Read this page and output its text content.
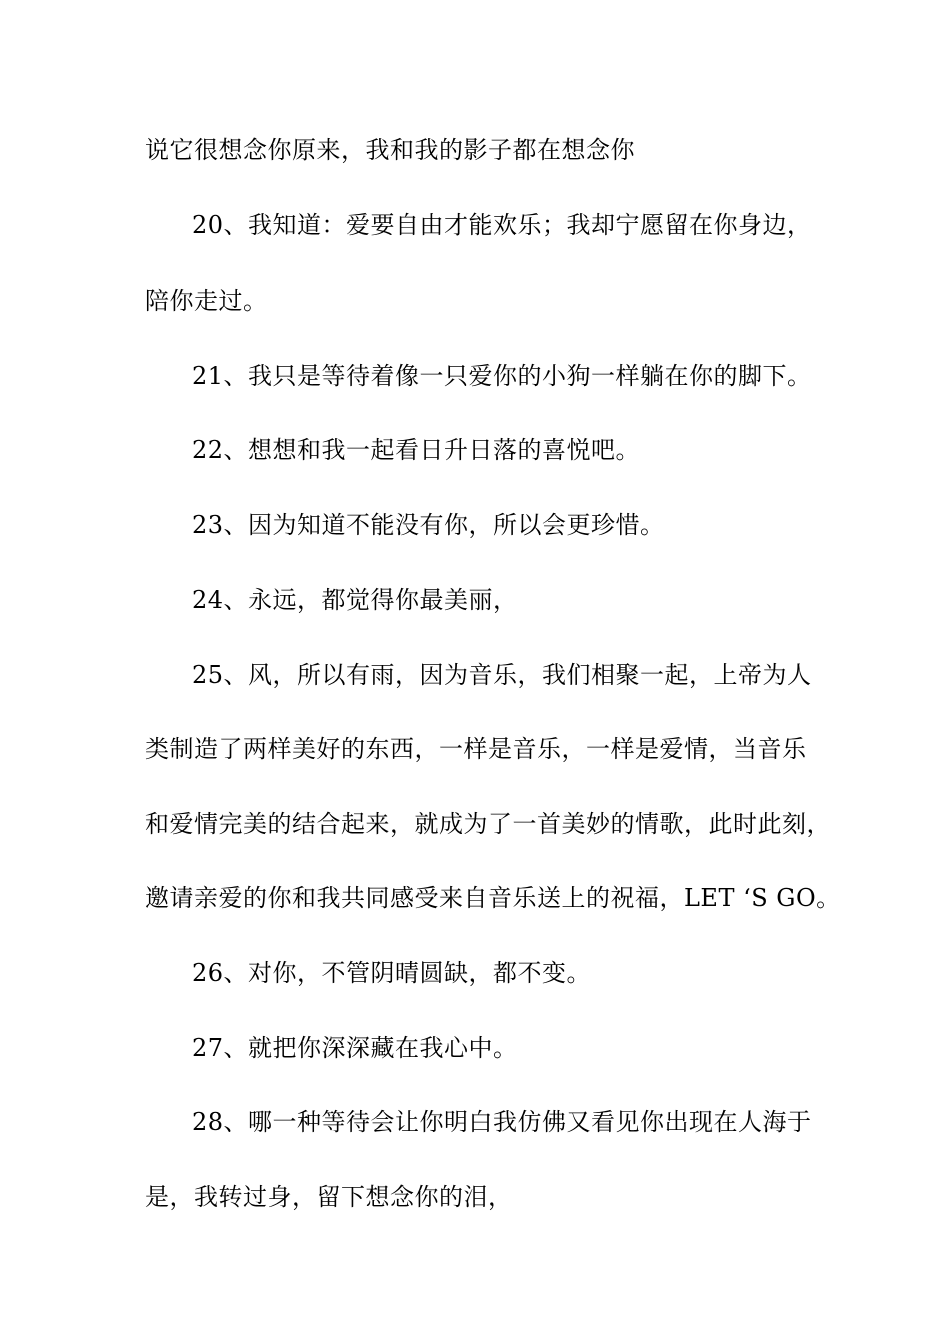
说它很想念你原来，我和我的影子都在想念你
20、我知道：爱要自由才能欢乐；我却宁愿留在你身边，
陪你走过。
21、我只是等待着像一只爱你的小狗一样躺在你的脚下。
22、想想和我一起看日升日落的喜悦吧。
23、因为知道不能没有你，所以会更珍惜。
24、永远，都觉得你最美丽，
25、风，所以有雨，因为音乐，我们相聚一起，上帝为人
类制造了两样美好的东西，一样是音乐，一样是爱情，当音乐
和爱情完美的结合起来，就成为了一首美妙的情歌，此时此刻，
邀请亲爱的你和我共同感受来自音乐送上的祝福，LET ‘S GO。
26、对你，不管阴晴圆缺，都不变。
27、就把你深深藏在我心中。
28、哪一种等待会让你明白我仿佛又看见你出现在人海于
是，我转过身，留下想念你的泪，
